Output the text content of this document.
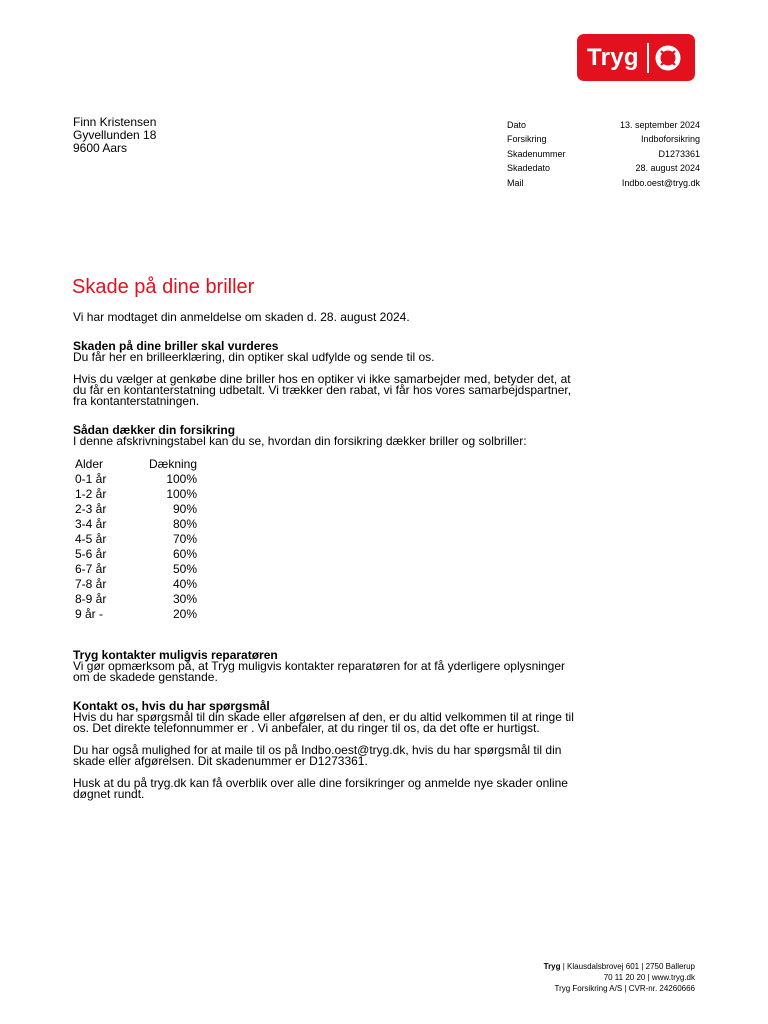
Tryg
Finn Kristensen
Gyvellunden 18
9600 Aars
Dato	13. september 2024
Forsikring	Indboforsikring
Skadenummer	D1273361
Skadedato	28. august 2024
Mail	Indbo.oest@tryg.dk
Skade på dine briller

Vi har modtaget din anmeldelse om skaden d. 28. august 2024.

Skaden på dine briller skal vurderes

Du får her en brilleerklæring, din optiker skal udfylde og sende til os.

Hvis du vælger at genkøbe dine briller hos en optiker vi ikke samarbejder med, betyder det, at du får en kontanterstatning udbetalt. Vi trækker den rabat, vi får hos vores samarbejdspartner, fra kontanterstatningen.

Sådan dækker din forsikring

I denne afskrivningstabel kan du se, hvordan din forsikring dækker briller og solbriller:

Alder	Dækning
0-1 år	100%
1-2 år	100%
2-3 år	90%
3-4 år	80%
4-5 år	70%
5-6 år	60%
6-7 år	50%
7-8 år	40%
8-9 år	30%
9 år -	20%

Tryg kontakter muligvis reparatøren

Vi gør opmærksom på, at Tryg muligvis kontakter reparatøren for at få yderligere oplysninger om de skadede genstande.

Kontakt os, hvis du har spørgsmål

Hvis du har spørgsmål til din skade eller afgørelsen af den, er du altid velkommen til at ringe til os. Det direkte telefonnummer er . Vi anbefaler, at du ringer til os, da det ofte er hurtigst.

Du har også mulighed for at maile til os på Indbo.oest@tryg.dk, hvis du har spørgsmål til din skade eller afgørelsen. Dit skadenummer er D1273361.

Husk at du på tryg.dk kan få overblik over alle dine forsikringer og anmelde nye skader online døgnet rundt.

Tryg | Klausdalsbrovej 601 | 2750 Ballerup
70 11 20 20 | www.tryg.dk
Tryg Forsikring A/S | CVR-nr. 24260666
